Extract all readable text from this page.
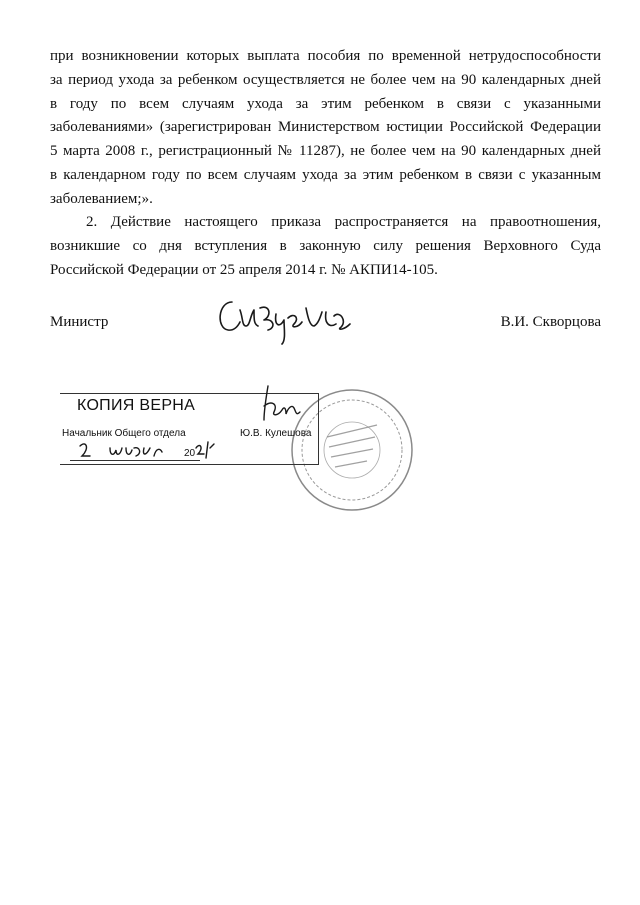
при возникновении которых выплата пособия по временной нетрудоспособности
за период ухода за ребенком осуществляется не более чем на 90 календарных дней
в году по всем случаям ухода за этим ребенком в связи с указанными
заболеваниями» (зарегистрирован Министерством юстиции Российской Федерации
5 марта 2008 г., регистрационный № 11287), не более чем на 90 календарных дней
в календарном году по всем случаям ухода за этим ребенком в связи с указанным
заболеванием;».
2. Действие настоящего приказа распространяется на правоотношения,
возникшие со дня вступления в законную силу решения Верховного Суда
Российской Федерации от 25 апреля 2014 г. № АКПИ14-105.
Министр	В.И. Скворцова
КОПИЯ ВЕРНА
Начальник Общего отдела	Ю.В. Кулешова
20
